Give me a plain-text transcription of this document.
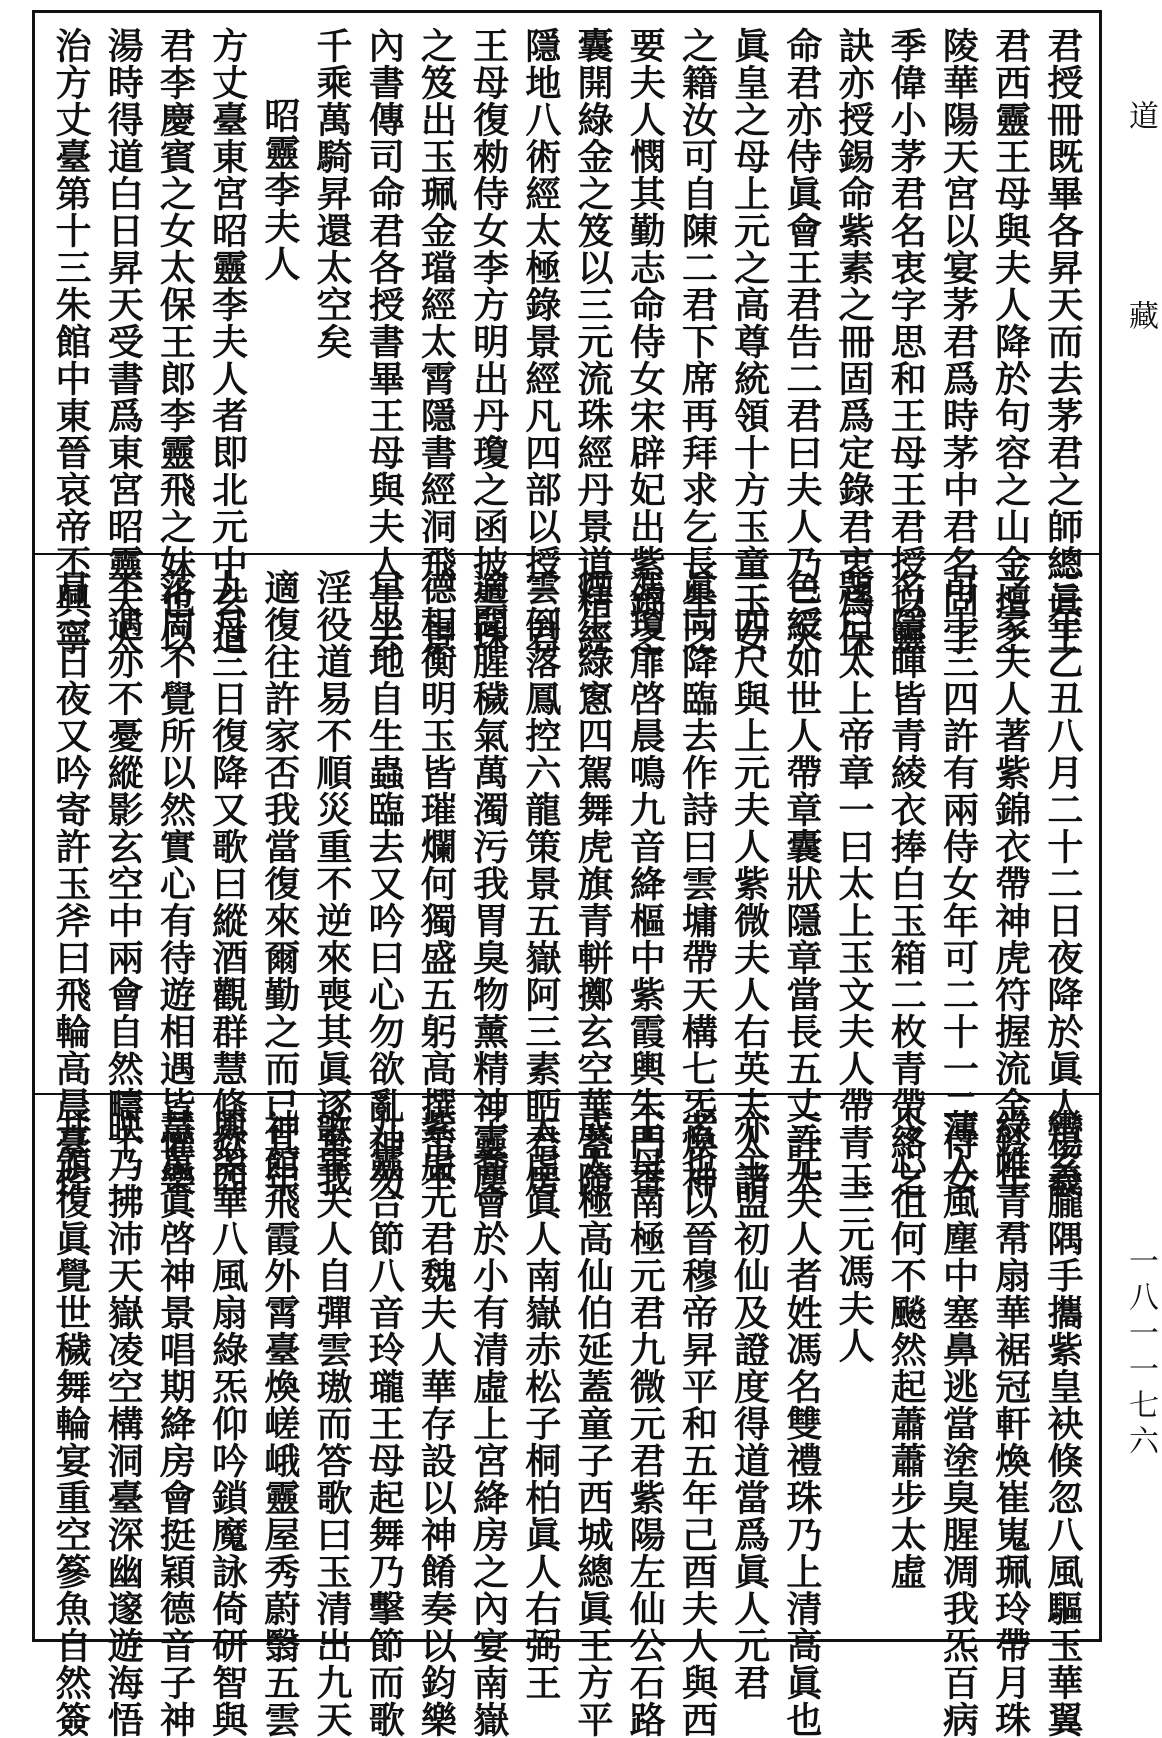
君授冊既畢各昇天而去茅君之師總眞王
君西靈王母與夫人降於句容之山金壇之
陵華陽天宮以宴茅君爲時茅中君名固字
季偉小茅君名衷字思和王母王君授以靈
訣亦授錫命紫素之冊固爲定錄君衷爲保
命君亦侍眞會王君告二君曰夫人乃三天
眞皇之母上元之高尊統領十方玉童玉女
之籍汝可自陳二君下席再拜求乞長生之
要夫人憫其勤志命侍女宋辟妃出紫錦之
囊開綠金之笈以三元流珠經丹景道精經
隱地八術經太極錄景經凡四部以授二君
王母復勑侍女李方明出丹瓊之函披雲珠
之笈出玉珮金璫經太霄隱書經洞飛二景
內書傳司命君各授書畢王母與夫人告去
千乘萬騎昇還太空矣
昭靈李夫人
方丈臺東宮昭靈李夫人者即北元中玄道
君李慶賓之女太保王郎李靈飛之妹也以
湯時得道白日昇天受書爲東宮昭靈夫人
治方丈臺第十三朱館中東晉哀帝丕興寧
三年乙丑八月二十二日夜降於眞人楊羲
之家夫人著紫錦衣帶神虎符握流金鈴年
可十三四許有兩侍女年可二十一二侍女
名隱暉皆青綾衣捧白玉箱二枚青帶絡之
題曰太上帝章一曰太上玉文夫人帶青玉
色綬如世人帶章囊狀隱章當長五丈許大
三四尺與上元夫人紫微夫人右英夫人諸
眞同降臨去作詩曰雲墉帶天構七炁煥神
馮瓊扉啓晨鳴九音絳樞中紫霞輿朱門香
煙生綠窻四駕舞虎旗青軿擲玄空華蓋隨
雲倒落鳳控六龍策景五嶽阿三素眄君房
適聞腥穢氣萬濁污我胃臭物薰精神靈塵
德相衡明玉皆璀爛何獨盛五躬高撰苦不
早坐地自生蟲臨去又吟曰心勿欲亂神勿
淫役道易不順災重不逆來喪其眞逐棄我
適復往許家否我當復來爾勤之而已其年
九月三日復降又歌曰縱酒觀群慧倏欻四
落周不覺所以然實心有待遊相遇皆懽樂
不遇亦不憂縱影玄空中兩會自然疇十二
月一日夜又吟寄許玉斧曰飛輪高晨臺控
轡玄朧隅手攜紫皇袂倏忽八風驅玉華翼
綠帷青帬扇華裾冠軒煥崔嵬珮玲帶月珠
薄入風塵中塞鼻逃當塗臭腥凋我炁百病
令心徂何不飈然起蕭蕭步太虛
三元馮夫人
三元夫人者姓馮名雙禮珠乃上清高眞也
亦主盟初仙及證度得道當爲眞人元君
者也以晉穆帝昇平和五年己酉夫人與西
王母南極元君九微元君紫陽左仙公石路
成太極高仙伯延蓋童子西城總眞王方平
太虛眞人南嶽赤松子桐柏眞人右弼王
子喬會於小有清虛上宮絳房之內宴南嶽
紫虛元君魏夫人華存設以神餚奏以鈞樂
九靈合節八音玲瓏王母起舞乃擊節而歌
歌畢夫人自彈雲璈而答歌曰玉清出九天
神館飛霞外霄臺煥嵯峨靈屋秀蔚翳五雲
輿翠華八風扇綠炁仰吟鎖魔詠倚研智與
慧萬眞啓神景唱期絳房會挺穎德音子神
映乃拂沛天嶽凌空構洞臺深幽邃遊海悟
井頒復眞覺世穢舞輪宴重空篸魚自然簽
道
藏
一八一一七六
